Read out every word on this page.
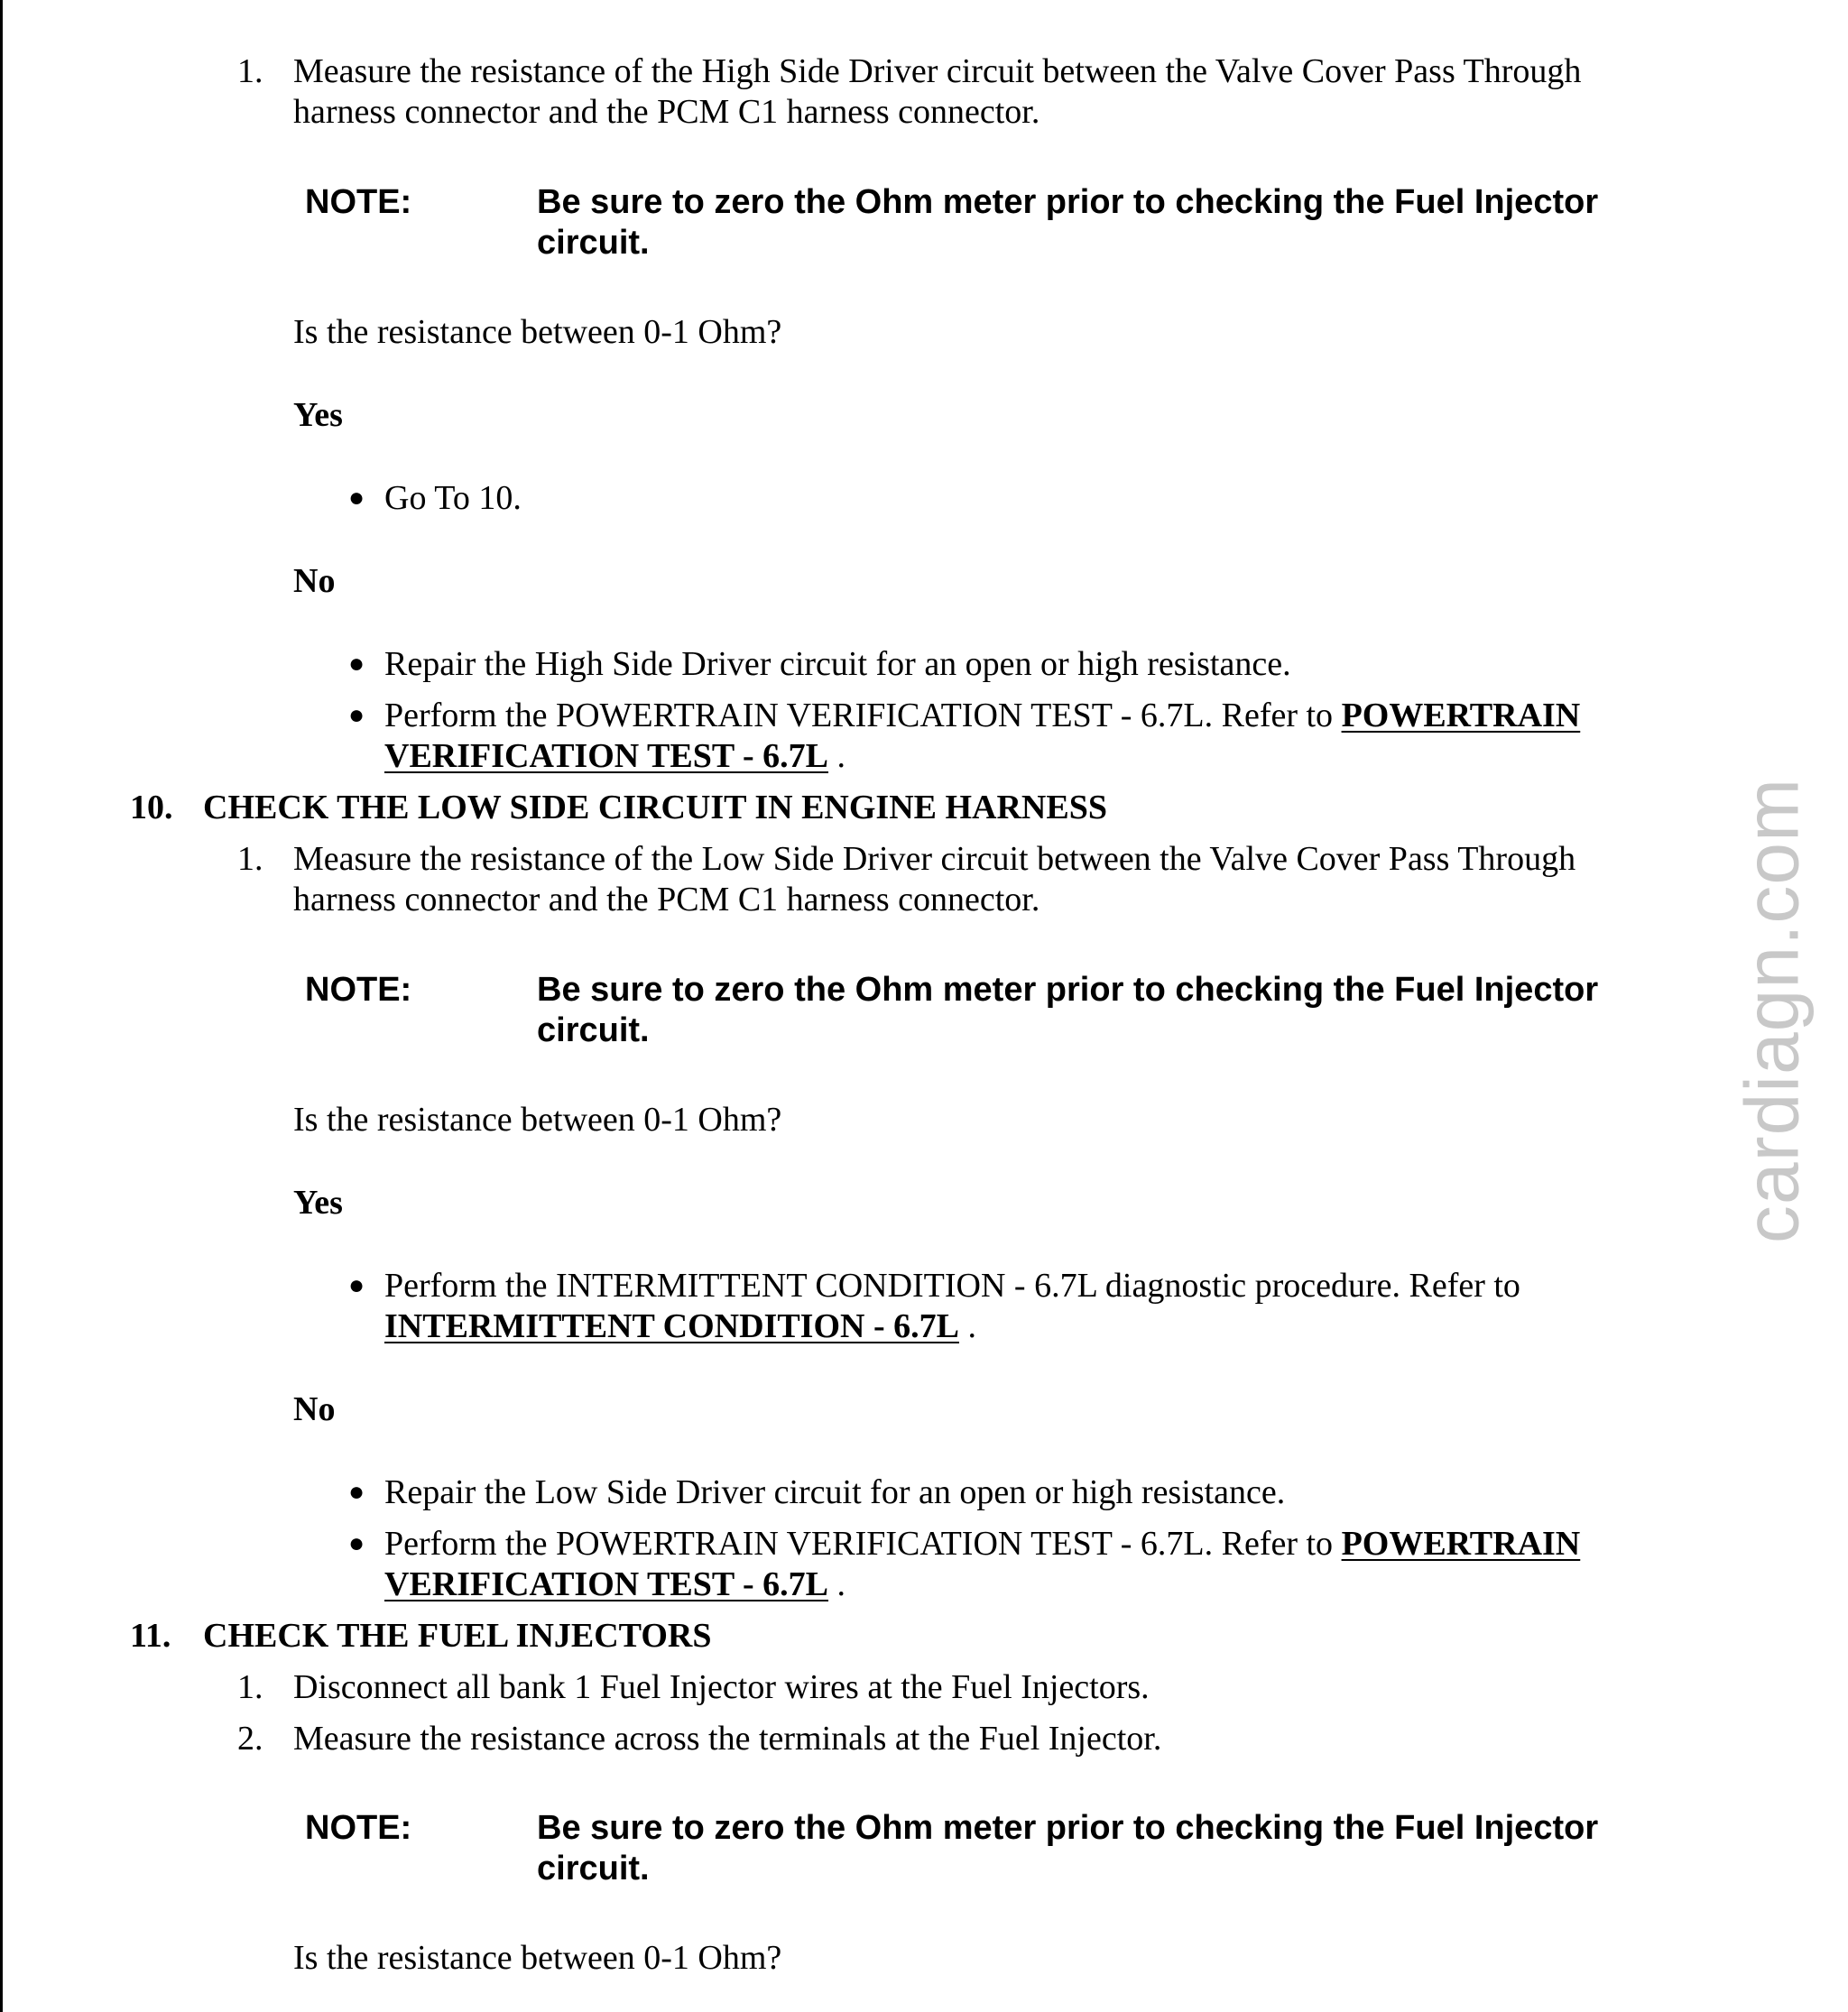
1. Measure the resistance of the High Side Driver circuit between the Valve Cover Pass Through
harness connector and the PCM C1 harness connector.
NOTE:	Be sure to zero the Ohm meter prior to checking the Fuel Injector
circuit.
Is the resistance between 0-1 Ohm?
Yes
● Go To 10.
No
● Repair the High Side Driver circuit for an open or high resistance.
● Perform the POWERTRAIN VERIFICATION TEST - 6.7L. Refer to POWERTRAIN
VERIFICATION TEST - 6.7L .
10. CHECK THE LOW SIDE CIRCUIT IN ENGINE HARNESS
1. Measure the resistance of the Low Side Driver circuit between the Valve Cover Pass Through
harness connector and the PCM C1 harness connector.
NOTE:	Be sure to zero the Ohm meter prior to checking the Fuel Injector
circuit.
Is the resistance between 0-1 Ohm?
Yes
● Perform the INTERMITTENT CONDITION - 6.7L diagnostic procedure. Refer to
INTERMITTENT CONDITION - 6.7L .
No
● Repair the Low Side Driver circuit for an open or high resistance.
● Perform the POWERTRAIN VERIFICATION TEST - 6.7L. Refer to POWERTRAIN
VERIFICATION TEST - 6.7L .
11. CHECK THE FUEL INJECTORS
1. Disconnect all bank 1 Fuel Injector wires at the Fuel Injectors.
2. Measure the resistance across the terminals at the Fuel Injector.
NOTE:	Be sure to zero the Ohm meter prior to checking the Fuel Injector
circuit.
Is the resistance between 0-1 Ohm?
cardiagn.com
